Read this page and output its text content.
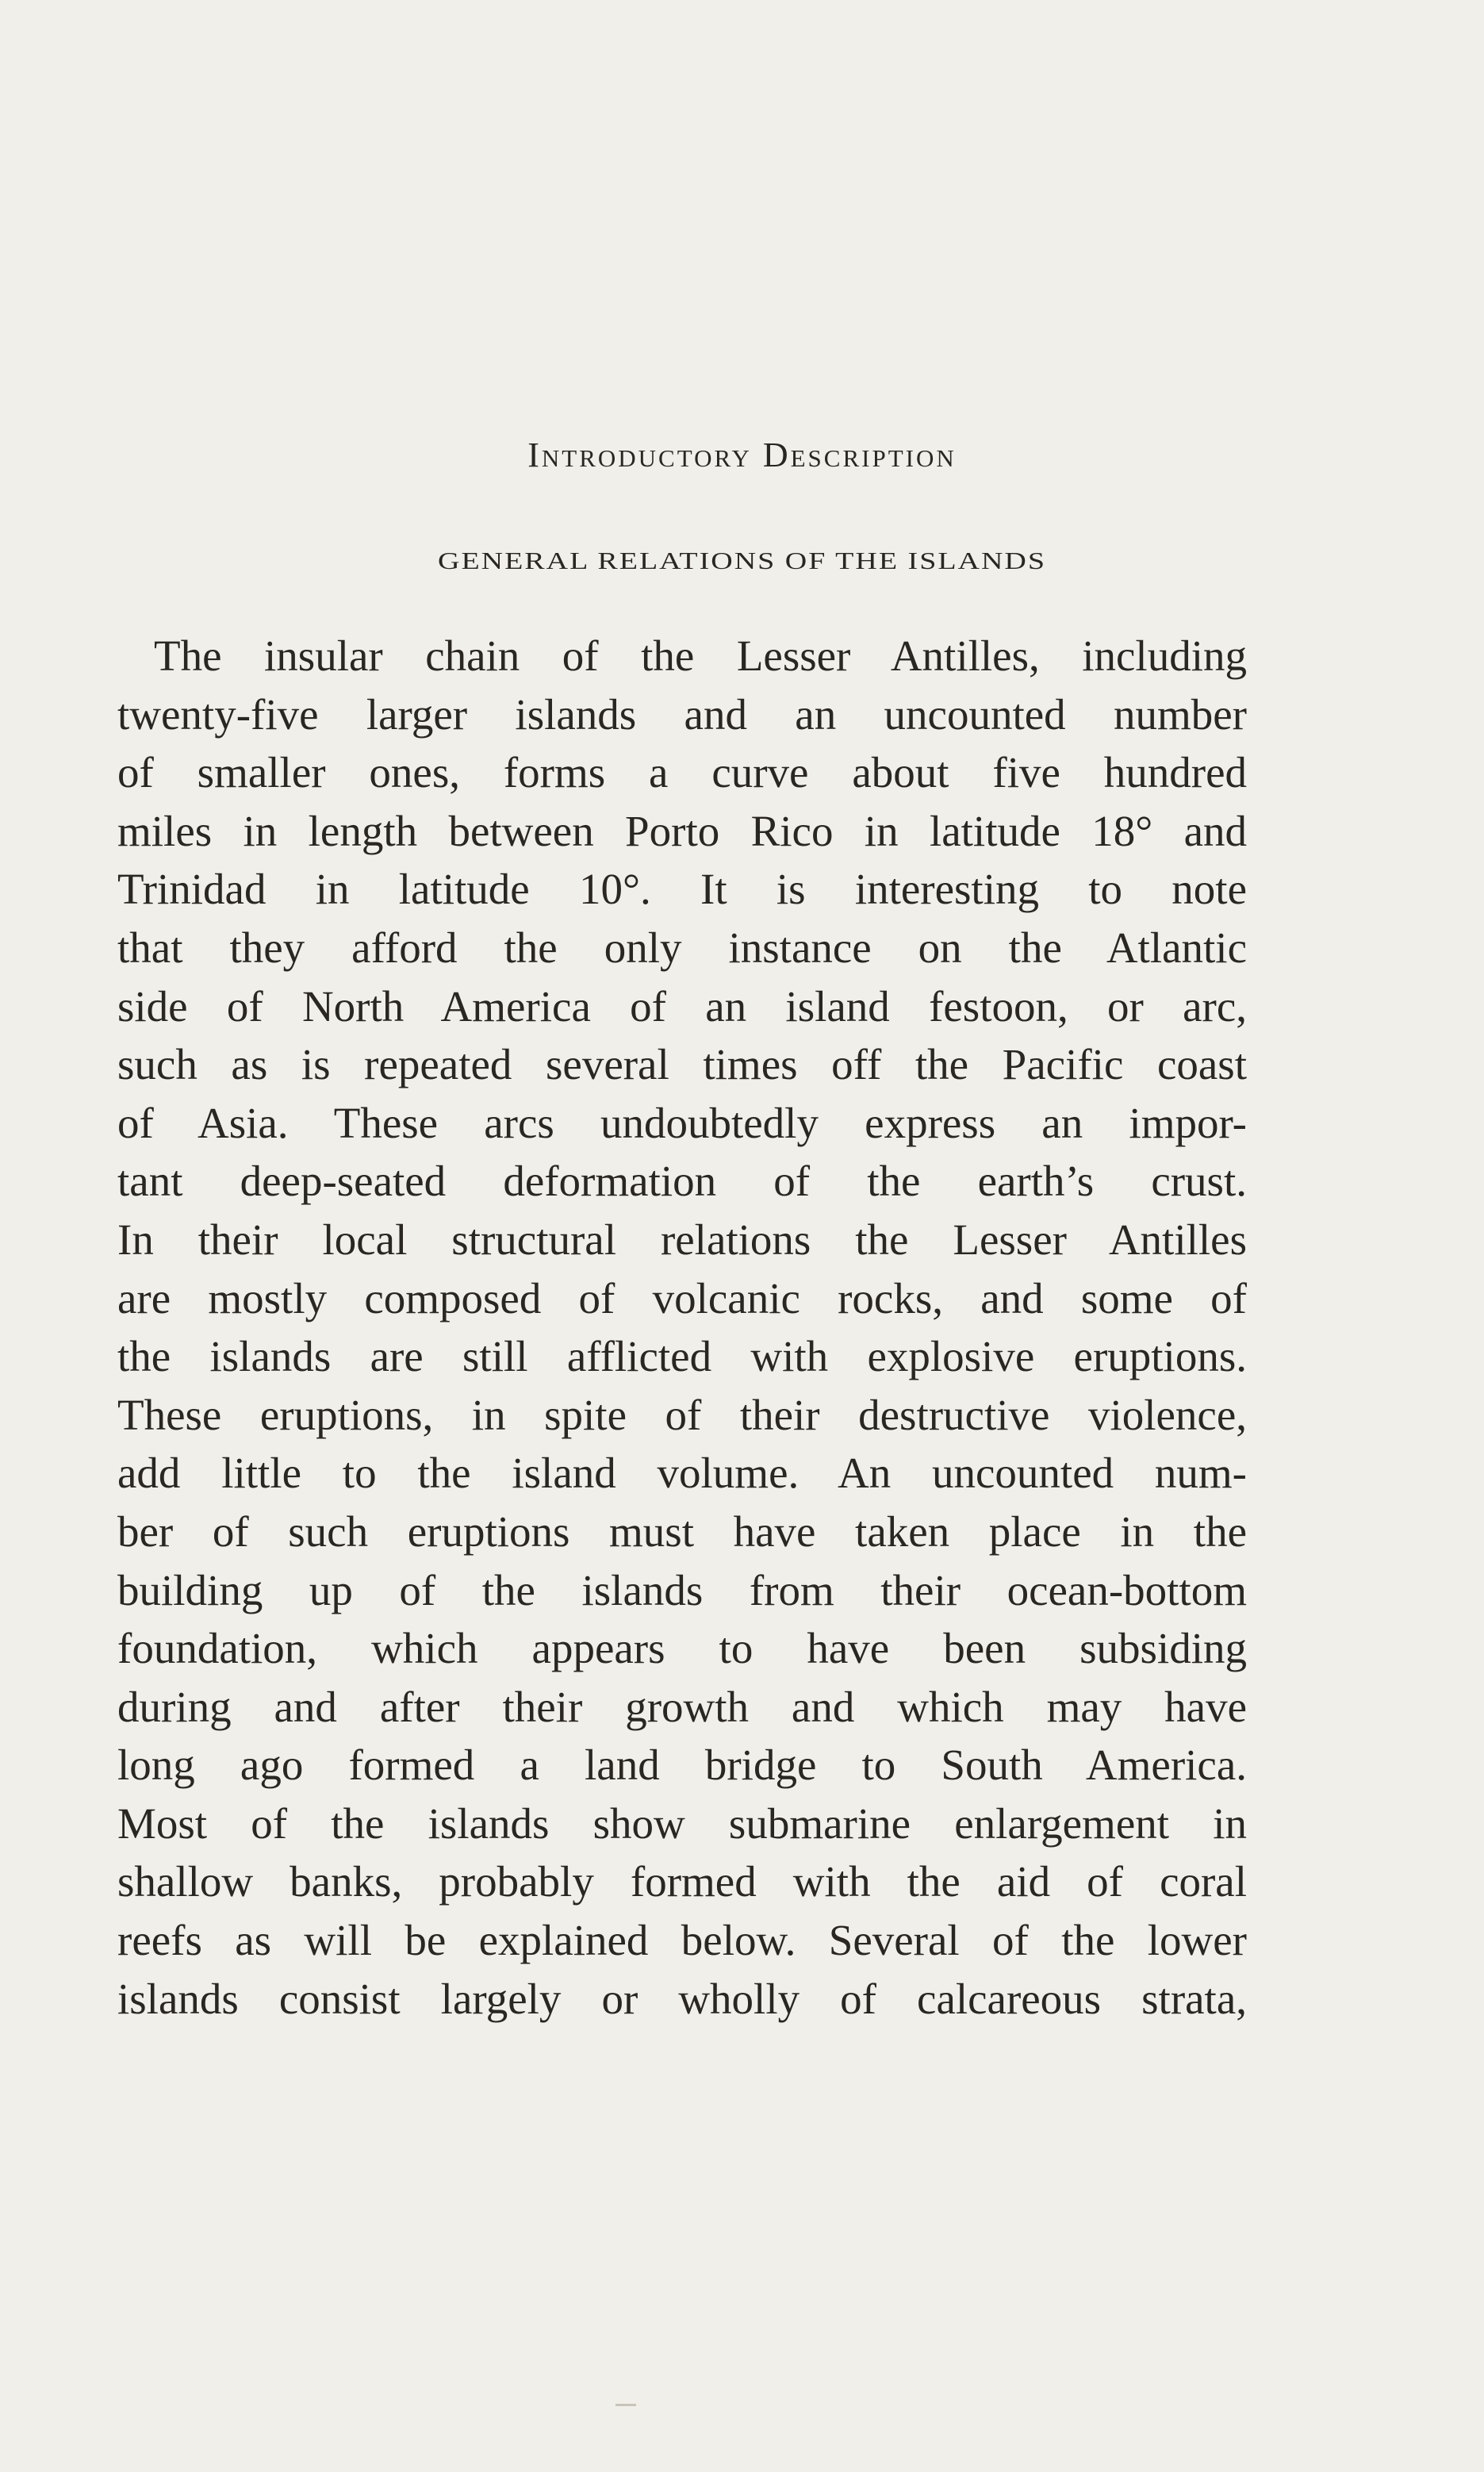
Introductory Description
GENERAL RELATIONS OF THE ISLANDS
The insular chain of the Lesser Antilles, including
twenty-five larger islands and an uncounted number
of smaller ones, forms a curve about five hundred
miles in length between Porto Rico in latitude 18° and
Trinidad in latitude 10°. It is interesting to note
that they afford the only instance on the Atlantic
side of North America of an island festoon, or arc,
such as is repeated several times off the Pacific coast
of Asia. These arcs undoubtedly express an impor-
tant deep-seated deformation of the earth’s crust.
In their local structural relations the Lesser Antilles
are mostly composed of volcanic rocks, and some of
the islands are still afflicted with explosive eruptions.
These eruptions, in spite of their destructive violence,
add little to the island volume. An uncounted num-
ber of such eruptions must have taken place in the
building up of the islands from their ocean-bottom
foundation, which appears to have been subsiding
during and after their growth and which may have
long ago formed a land bridge to South America.
Most of the islands show submarine enlargement in
shallow banks, probably formed with the aid of coral
reefs as will be explained below. Several of the lower
islands consist largely or wholly of calcareous strata,
